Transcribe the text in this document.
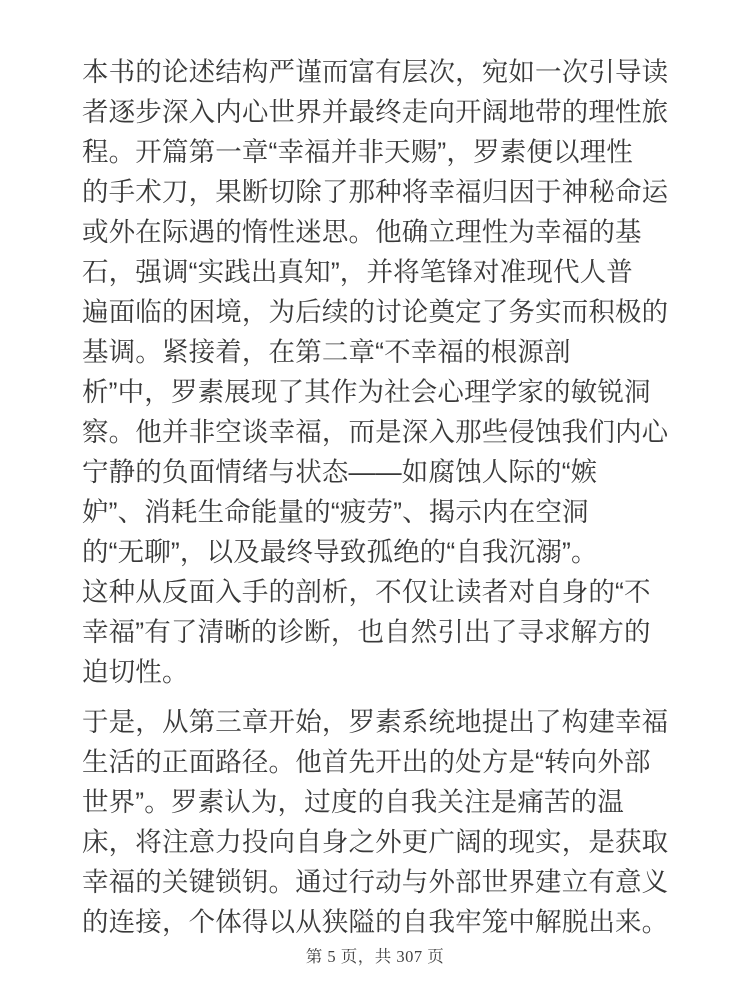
本书的论述结构严谨而富有层次，宛如一次引导读
者逐步深入内心世界并最终走向开阔地带的理性旅
程。开篇第一章“幸福并非天赐”，罗素便以理性
的手术刀，果断切除了那种将幸福归因于神秘命运
或外在际遇的惰性迷思。他确立理性为幸福的基
石，强调“实践出真知”，并将笔锋对准现代人普
遍面临的困境，为后续的讨论奠定了务实而积极的
基调。紧接着，在第二章“不幸福的根源剖
析”中，罗素展现了其作为社会心理学家的敏锐洞
察。他并非空谈幸福，而是深入那些侵蚀我们内心
宁静的负面情绪与状态——如腐蚀人际的“嫉
妒”、消耗生命能量的“疲劳”、揭示内在空洞
的“无聊”，以及最终导致孤绝的“自我沉溺”。
这种从反面入手的剖析，不仅让读者对自身的“不
幸福”有了清晰的诊断，也自然引出了寻求解方的
迫切性。
于是，从第三章开始，罗素系统地提出了构建幸福
生活的正面路径。他首先开出的处方是“转向外部
世界”。罗素认为，过度的自我关注是痛苦的温
床，将注意力投向自身之外更广阔的现实，是获取
幸福的关键锁钥。通过行动与外部世界建立有意义
的连接，个体得以从狭隘的自我牢笼中解脱出来。
第 5 页，共 307 页
